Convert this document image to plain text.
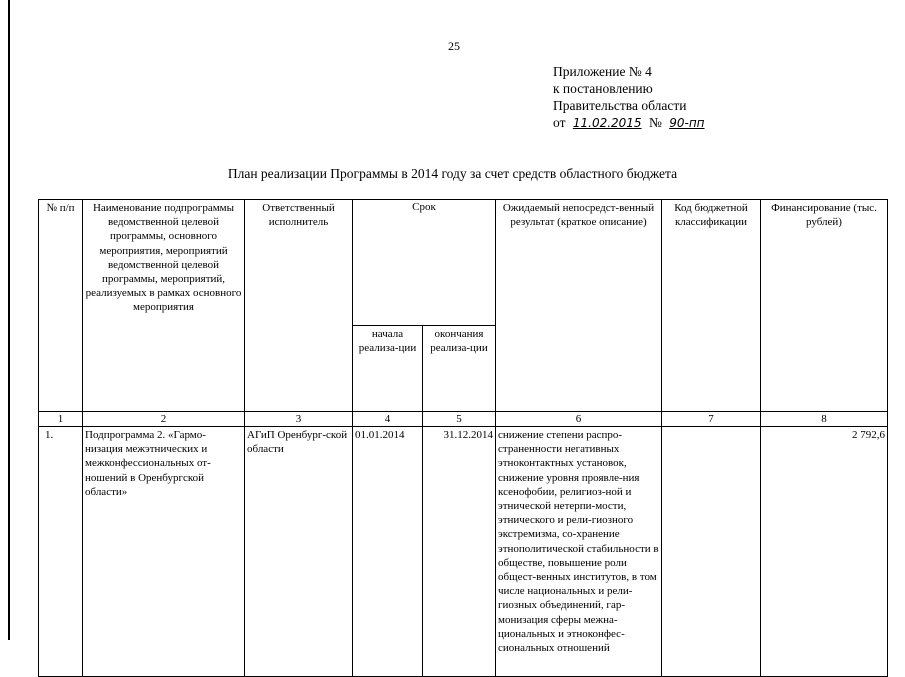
25
Приложение № 4
к постановлению
Правительства области
от 11.02.2015 № 90-пп
План реализации Программы в 2014 году за счет средств областного бюджета
№ п/п	Наименование подпрограммы ведомственной целевой программы, основного мероприятия, мероприятий ведомственной целевой программы, мероприятий, реализуемых в рамках основного мероприятия	Ответственный исполнитель	Срок		Ожидаемый непосредст-венный результат (краткое описание)	Код бюджетной классификации	Финансирование (тыс. рублей)
			начала реализа-ции	окончания реализа-ции			
1	2	3	4	5	6	7	8
1.	Подпрограмма 2. «Гармо-низация межэтнических и межконфессиональных от-ношений в Оренбургской области»	АГиП Оренбург-ской области	01.01.2014	31.12.2014	снижение степени распро-страненности негативных этноконтактных установок, снижение уровня проявле-ния ксенофобии, религиоз-ной и этнической нетерпи-мости, этнического и рели-гиозного экстремизма, со-хранение этнополитической стабильности в обществе, повышение роли общест-венных институтов, в том числе национальных и рели-гиозных объединений, гар-монизация сферы межна-циональных и этноконфес-сиональных отношений		2 792,6
